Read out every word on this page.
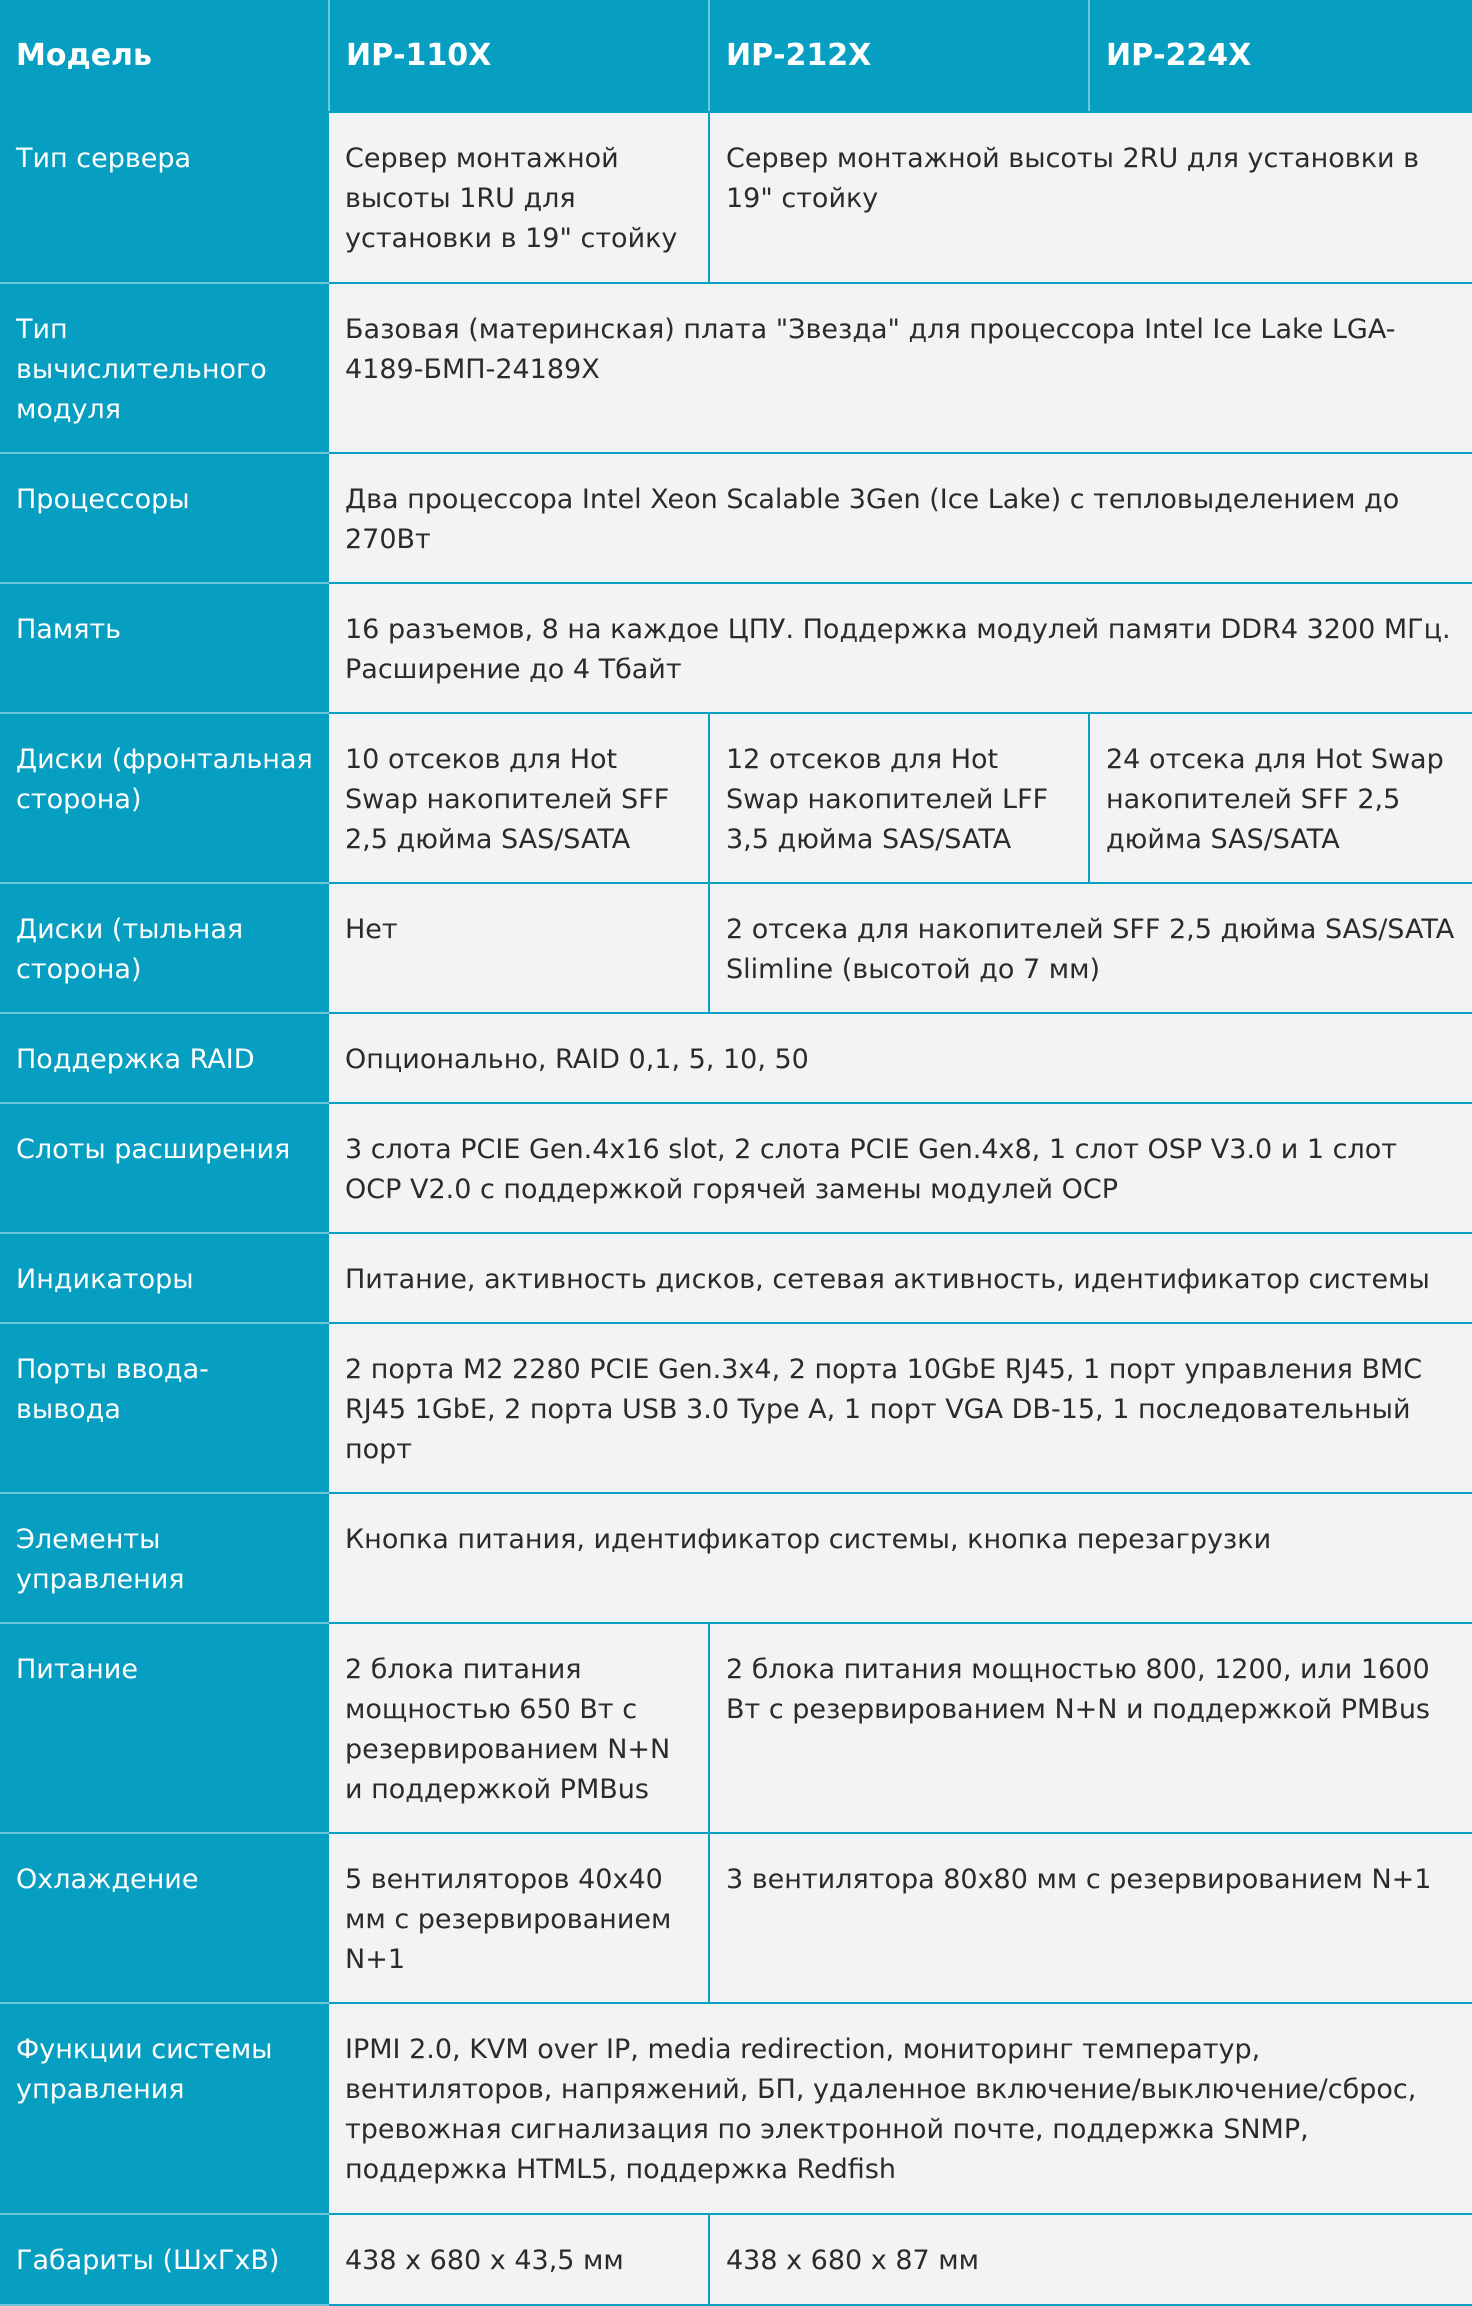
Модель	ИР-110X	ИР-212X	ИР-224X
Тип сервера	Сервер монтажной высоты 1RU для установки в 19" стойку	Сервер монтажной высоты 2RU для установки в 19" стойку	
Тип вычислительного модуля	Базовая (материнская) плата "Звезда" для процессора Intel Ice Lake LGA-4189-БМП-24189X		
Процессоры	Два процессора Intel Xeon Scalable 3Gen (Ice Lake) с тепловыделением до 270Вт		
Память	16 разъемов, 8 на каждое ЦПУ. Поддержка модулей памяти DDR4 3200 МГц. Расширение до 4 Тбайт		
Диски (фронтальная сторона)	10 отсеков для Hot Swap накопителей SFF 2,5 дюйма SAS/SATA	12 отсеков для Hot Swap накопителей LFF 3,5 дюйма SAS/SATA	24 отсека для Hot Swap накопителей SFF 2,5 дюйма SAS/SATA
Диски (тыльная сторона)	Нет	2 отсека для накопителей SFF 2,5 дюйма SAS/SATA Slimline (высотой до 7 мм)	
Поддержка RAID	Опционально, RAID 0,1, 5, 10, 50		
Слоты расширения	3 слота PCIE Gen.4x16 slot, 2 слота PCIE Gen.4x8, 1 слот OSP V3.0 и 1 слот OCP V2.0 с поддержкой горячей замены модулей OCP		
Индикаторы	Питание, активность дисков, сетевая активность, идентификатор системы		
Порты ввода-вывода	2 порта M2 2280 PCIE Gen.3x4, 2 порта 10GbE RJ45, 1 порт управления BMC RJ45 1GbE, 2 порта USB 3.0 Type A, 1 порт VGA DB-15, 1 последовательный порт		
Элементы управления	Кнопка питания, идентификатор системы, кнопка перезагрузки		
Питание	2 блока питания мощностью 650 Вт с резервированием N+N и поддержкой PMBus	2 блока питания мощностью 800, 1200, или 1600 Вт с резервированием N+N и поддержкой PMBus	
Охлаждение	5 вентиляторов 40x40 мм с резервированием N+1	3 вентилятора 80x80 мм с резервированием N+1	
Функции системы управления	IPMI 2.0, KVM over IP, media redirection, мониторинг температур, вентиляторов, напряжений, БП, удаленное включение/выключение/сброс, тревожная сигнализация по электронной почте, поддержка SNMP, поддержка HTML5, поддержка Redfish		
Габариты (ШхГхВ)	438 x 680 x 43,5 мм	438 x 680 x 87 мм	
